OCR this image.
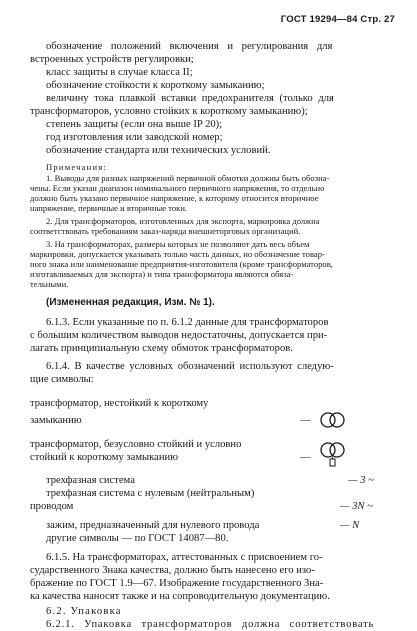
ГОСТ 19294—84 Стр. 27
обозначение положений включения и регулирования для
встроенных устройств регулировки;
класс защиты в случае класса II;
обозначение стойкости к короткому замыканию;
величину тока плавкой вставки предохранителя (только для
трансформаторов, условно стойких к короткому замыканию);
степень защиты (если она выше IP 20);
год изготовления или заводской номер;
обозначение стандарта или технических условий.
Примечания:
1. Выводы для разных напряжений первичной обмотки должны быть обозна-
чены. Если указан диапазон номинального первичного напряжения, то отдельно
должно быть указано первичное напряжение, к которому относится вторичное
напряжение, первичные и вторичные токи.
2. Для трансформаторов, изготовленных для экспорта, маркировка должна
соответствовать требованиям заказ-наряда внешнеторговых организаций.
3. На трансформаторах, размеры которых не позволяют дать весь объем
маркировки, допускается указывать только часть данных, но обозначение товар-
ного знака или наименование предприятия-изготовителя (кроме трансформаторов,
изготавливаемых для экспорта) и типа трансформатора являются обяза-
тельными.
(Измененная редакция, Изм. № 1).
6.1.3. Если указанные по п. 6.1.2 данные для трансформаторов
с большим количеством выводов недостаточны, допускается при-
лагать принципиальную схему обмоток трансформаторов.
6.1.4. В качестве условных обозначений используют следую-
щие символы:
трансформатор, нестойкий к короткому
замыканию	—
трансформатор, безусловно стойкий и условно
стойкий к короткому замыканию	—
трехфазная система	— 3 ~
трехфазная система с нулевым (нейтральным)
проводом	— 3N ~
зажим, предназначенный для нулевого провода	— N
другие символы — по ГОСТ 14087—80.
6.1.5. На трансформаторах, аттестованных с присвоением го-
сударственного Знака качества, должно быть нанесено его изо-
бражение по ГОСТ 1.9—67. Изображение государственного Зна-
ка качества наносят также и на сопроводительную документацию.
6.2. Упаковка
6.2.1. Упаковка трансформаторов должна соответствовать
